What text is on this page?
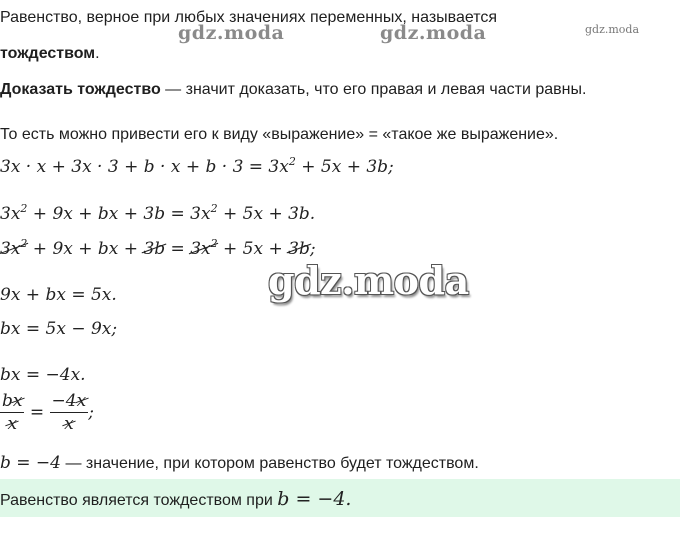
Равенство, верное при любых значениях переменных, называется
тождеством.
gdz.moda	gdz.moda	gdz.moda
Доказать тождество — значит доказать, что его правая и левая части равны.
То есть можно привести его к виду «выражение» = «такое же выражение».
$3x \cdot x + 3x \cdot 3 + b \cdot x + b \cdot 3 = 3x^2 + 5x + 3b$;
$3x^2 + 9x$ + bx + $3b = 3x^2 + 5x + 3b$.
$3x^2 + 9x$ + bx + $3b = 3x^2 + 5x + 3b$;
gdz.moda
9x + bx = 5x.
bx = 5x − 9x;
bx = −4x.
$\frac{bx}{x} = \frac{-4x}{x}$ ;
b = −4 — значение, при котором равенство будет тождеством.
Равенство является тождеством при b = −4.
